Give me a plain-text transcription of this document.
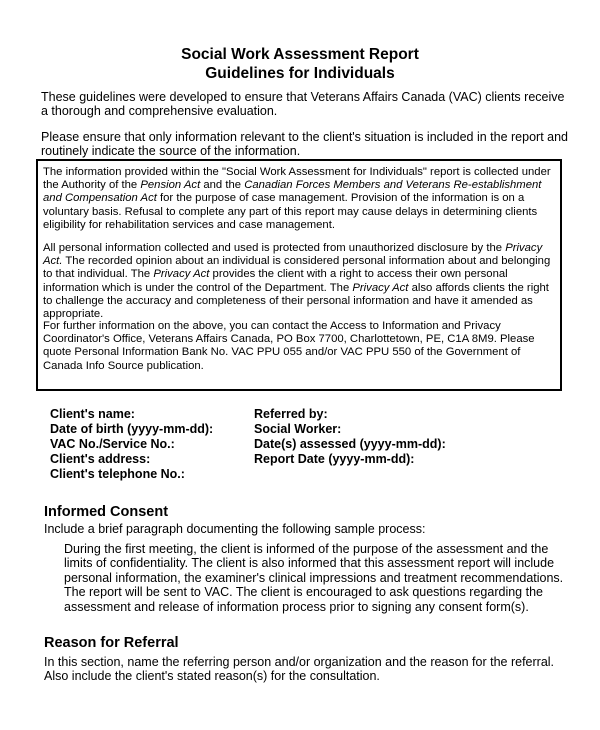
Social Work Assessment Report
Guidelines for Individuals

These guidelines were developed to ensure that Veterans Affairs Canada (VAC) clients receive a thorough and comprehensive evaluation.

Please ensure that only information relevant to the client's situation is included in the report and routinely indicate the source of the information.

The information provided within the "Social Work Assessment for Individuals" report is collected under the Authority of the Pension Act and the Canadian Forces Members and Veterans Re-establishment and Compensation Act for the purpose of case management. Provision of the information is on a voluntary basis. Refusal to complete any part of this report may cause delays in determining clients eligibility for rehabilitation services and case management.

All personal information collected and used is protected from unauthorized disclosure by the Privacy Act. The recorded opinion about an individual is considered personal information about and belonging to that individual. The Privacy Act provides the client with a right to access their own personal information which is under the control of the Department. The Privacy Act also affords clients the right to challenge the accuracy and completeness of their personal information and have it amended as appropriate.

For further information on the above, you can contact the Access to Information and Privacy Coordinator's Office, Veterans Affairs Canada, PO Box 7700, Charlottetown, PE, C1A 8M9. Please quote Personal Information Bank No. VAC PPU 055 and/or VAC PPU 550 of the Government of Canada Info Source publication.

Client's name:
Date of birth (yyyy-mm-dd):
VAC No./Service No.:
Client's address:
Client's telephone No.:
Referred by:
Social Worker:
Date(s) assessed (yyyy-mm-dd):
Report Date (yyyy-mm-dd):
Informed Consent

Include a brief paragraph documenting the following sample process:

During the first meeting, the client is informed of the purpose of the assessment and the limits of confidentiality. The client is also informed that this assessment report will include personal information, the examiner's clinical impressions and treatment recommendations. The report will be sent to VAC. The client is encouraged to ask questions regarding the assessment and release of information process prior to signing any consent form(s).

Reason for Referral

In this section, name the referring person and/or organization and the reason for the referral. Also include the client's stated reason(s) for the consultation.
